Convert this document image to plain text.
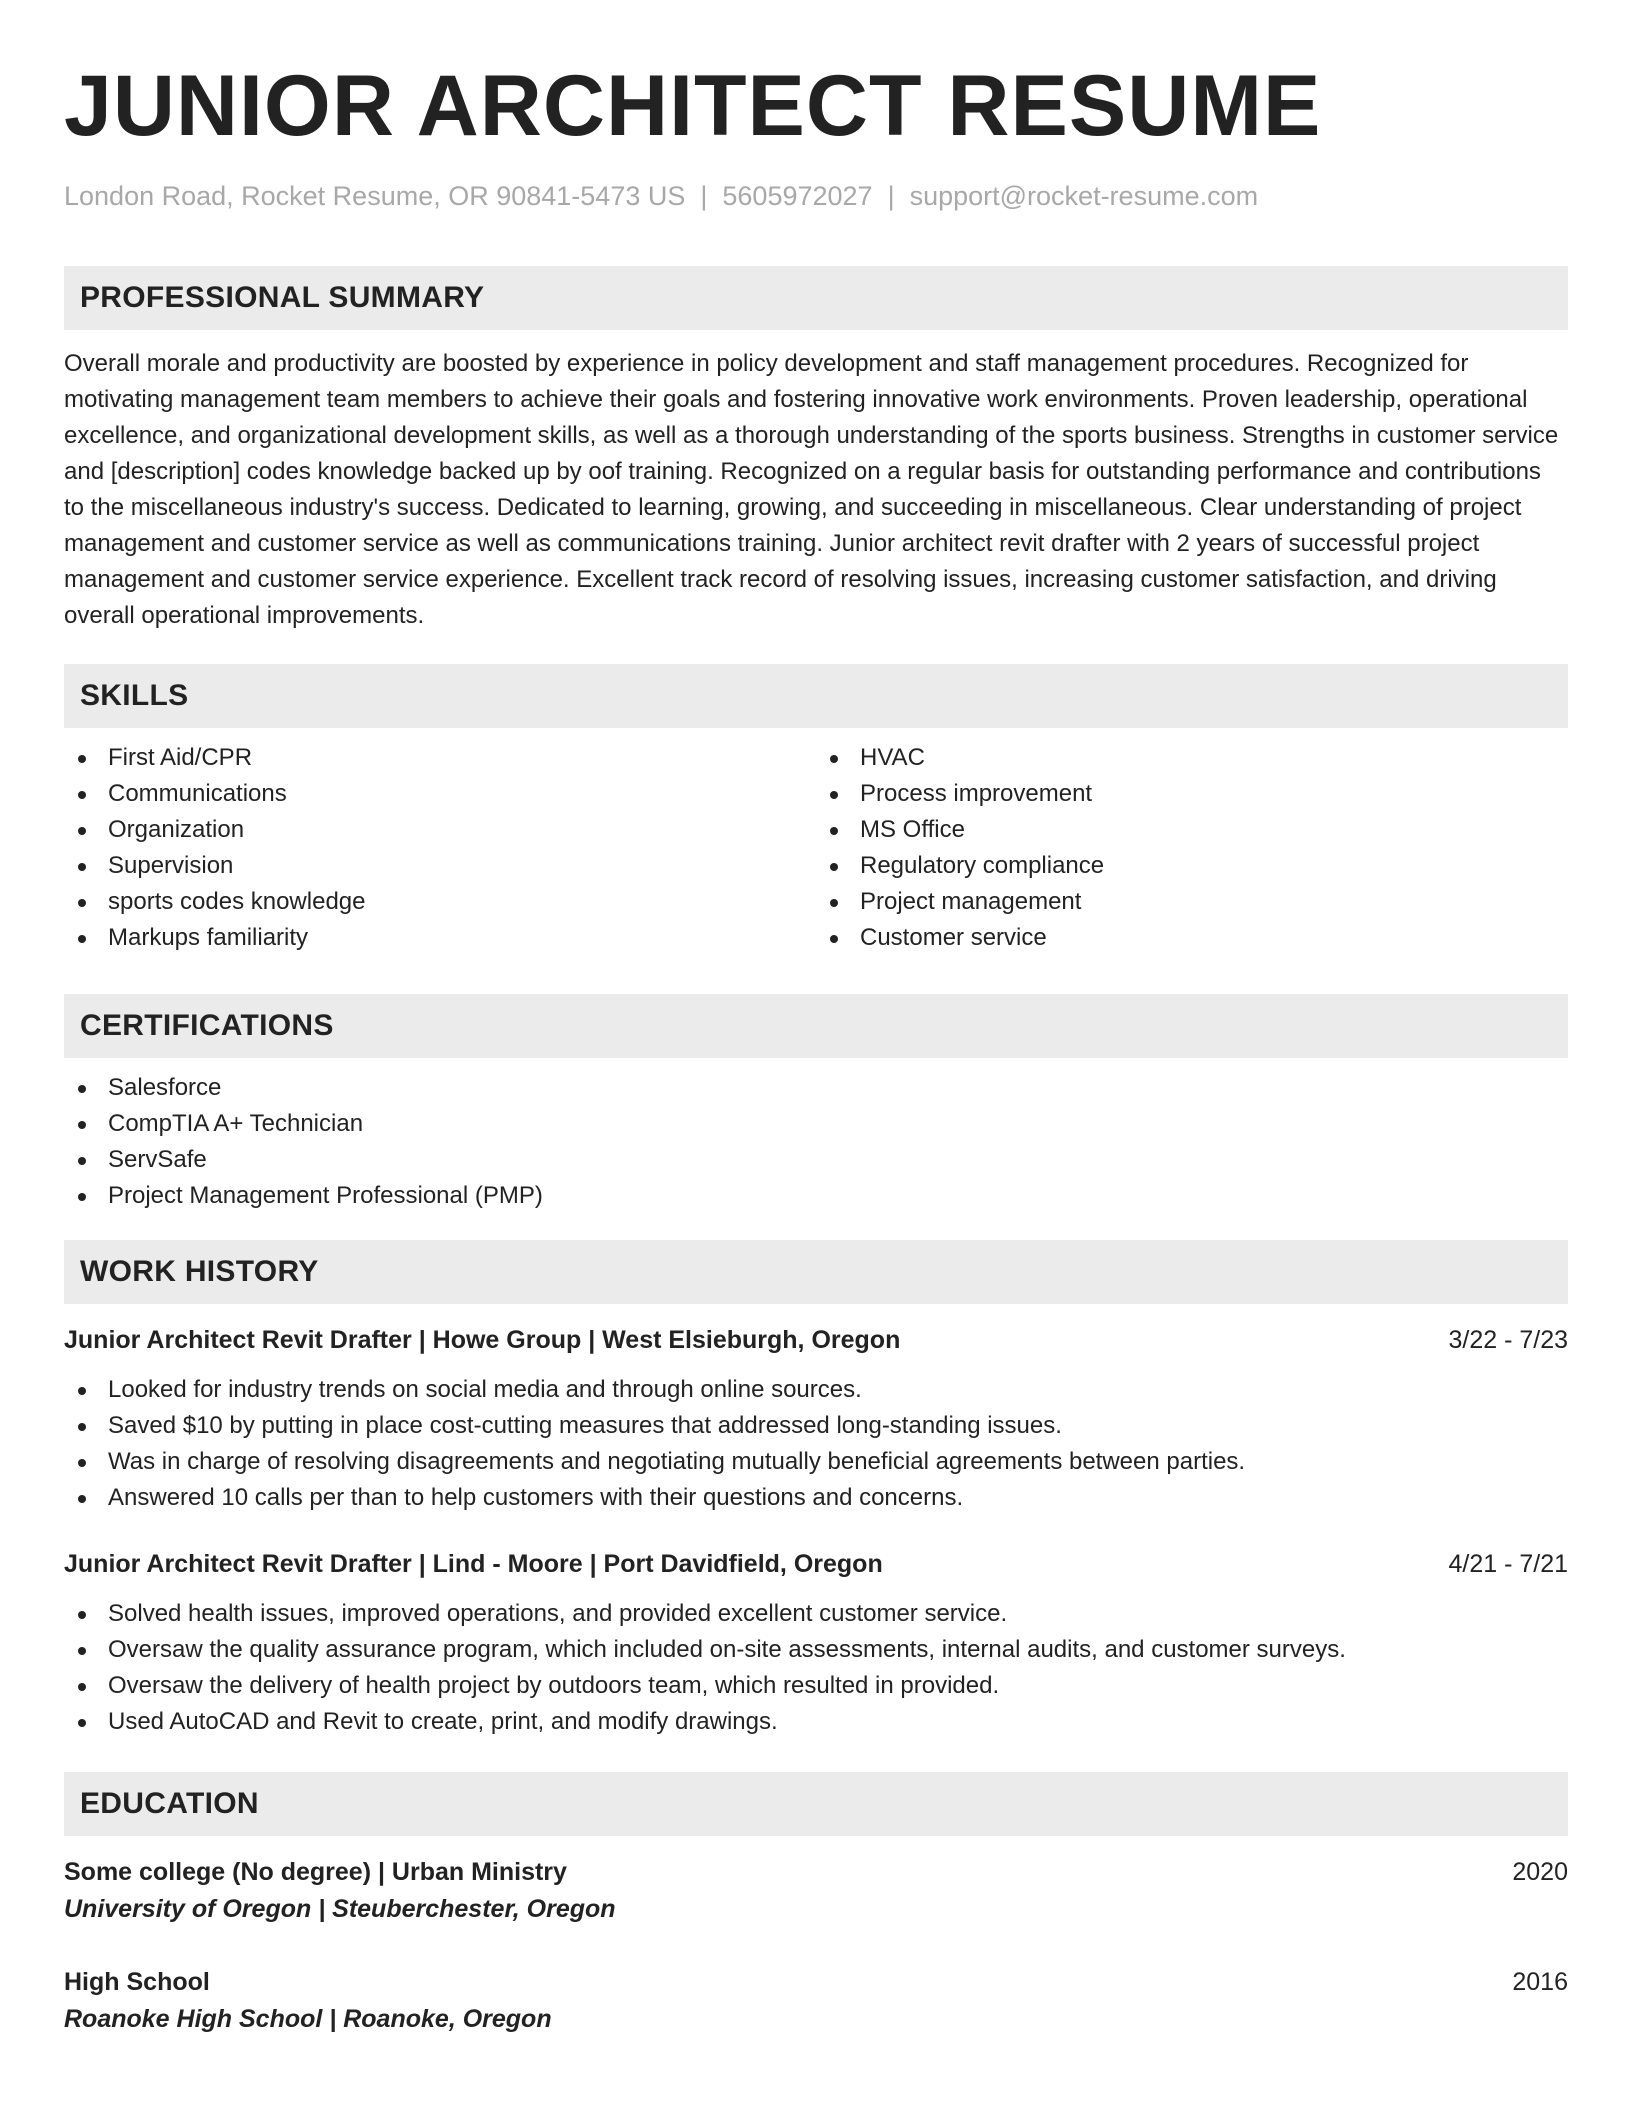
JUNIOR ARCHITECT RESUME
London Road, Rocket Resume, OR 90841-5473 US | 5605972027 | support@rocket-resume.com
PROFESSIONAL SUMMARY

Overall morale and productivity are boosted by experience in policy development and staff management procedures. Recognized for motivating management team members to achieve their goals and fostering innovative work environments. Proven leadership, operational excellence, and organizational development skills, as well as a thorough understanding of the sports business. Strengths in customer service and [description] codes knowledge backed up by oof training. Recognized on a regular basis for outstanding performance and contributions to the miscellaneous industry's success. Dedicated to learning, growing, and succeeding in miscellaneous. Clear understanding of project management and customer service as well as communications training. Junior architect revit drafter with 2 years of successful project management and customer service experience. Excellent track record of resolving issues, increasing customer satisfaction, and driving overall operational improvements.

SKILLS
First Aid/CPR
Communications
Organization
Supervision
sports codes knowledge
Markups familiarity
HVAC
Process improvement
MS Office
Regulatory compliance
Project management
Customer service
CERTIFICATIONS
Salesforce
CompTIA A+ Technician
ServSafe
Project Management Professional (PMP)
WORK HISTORY
Junior Architect Revit Drafter | Howe Group | West Elsieburgh, Oregon	3/22 - 7/23
Looked for industry trends on social media and through online sources.
Saved $10 by putting in place cost-cutting measures that addressed long-standing issues.
Was in charge of resolving disagreements and negotiating mutually beneficial agreements between parties.
Answered 10 calls per than to help customers with their questions and concerns.
Junior Architect Revit Drafter | Lind - Moore | Port Davidfield, Oregon	4/21 - 7/21
Solved health issues, improved operations, and provided excellent customer service.
Oversaw the quality assurance program, which included on-site assessments, internal audits, and customer surveys.
Oversaw the delivery of health project by outdoors team, which resulted in provided.
Used AutoCAD and Revit to create, print, and modify drawings.
EDUCATION
Some college (No degree) | Urban Ministry	2020
University of Oregon | Steuberchester, Oregon
High School	2016
Roanoke High School | Roanoke, Oregon
